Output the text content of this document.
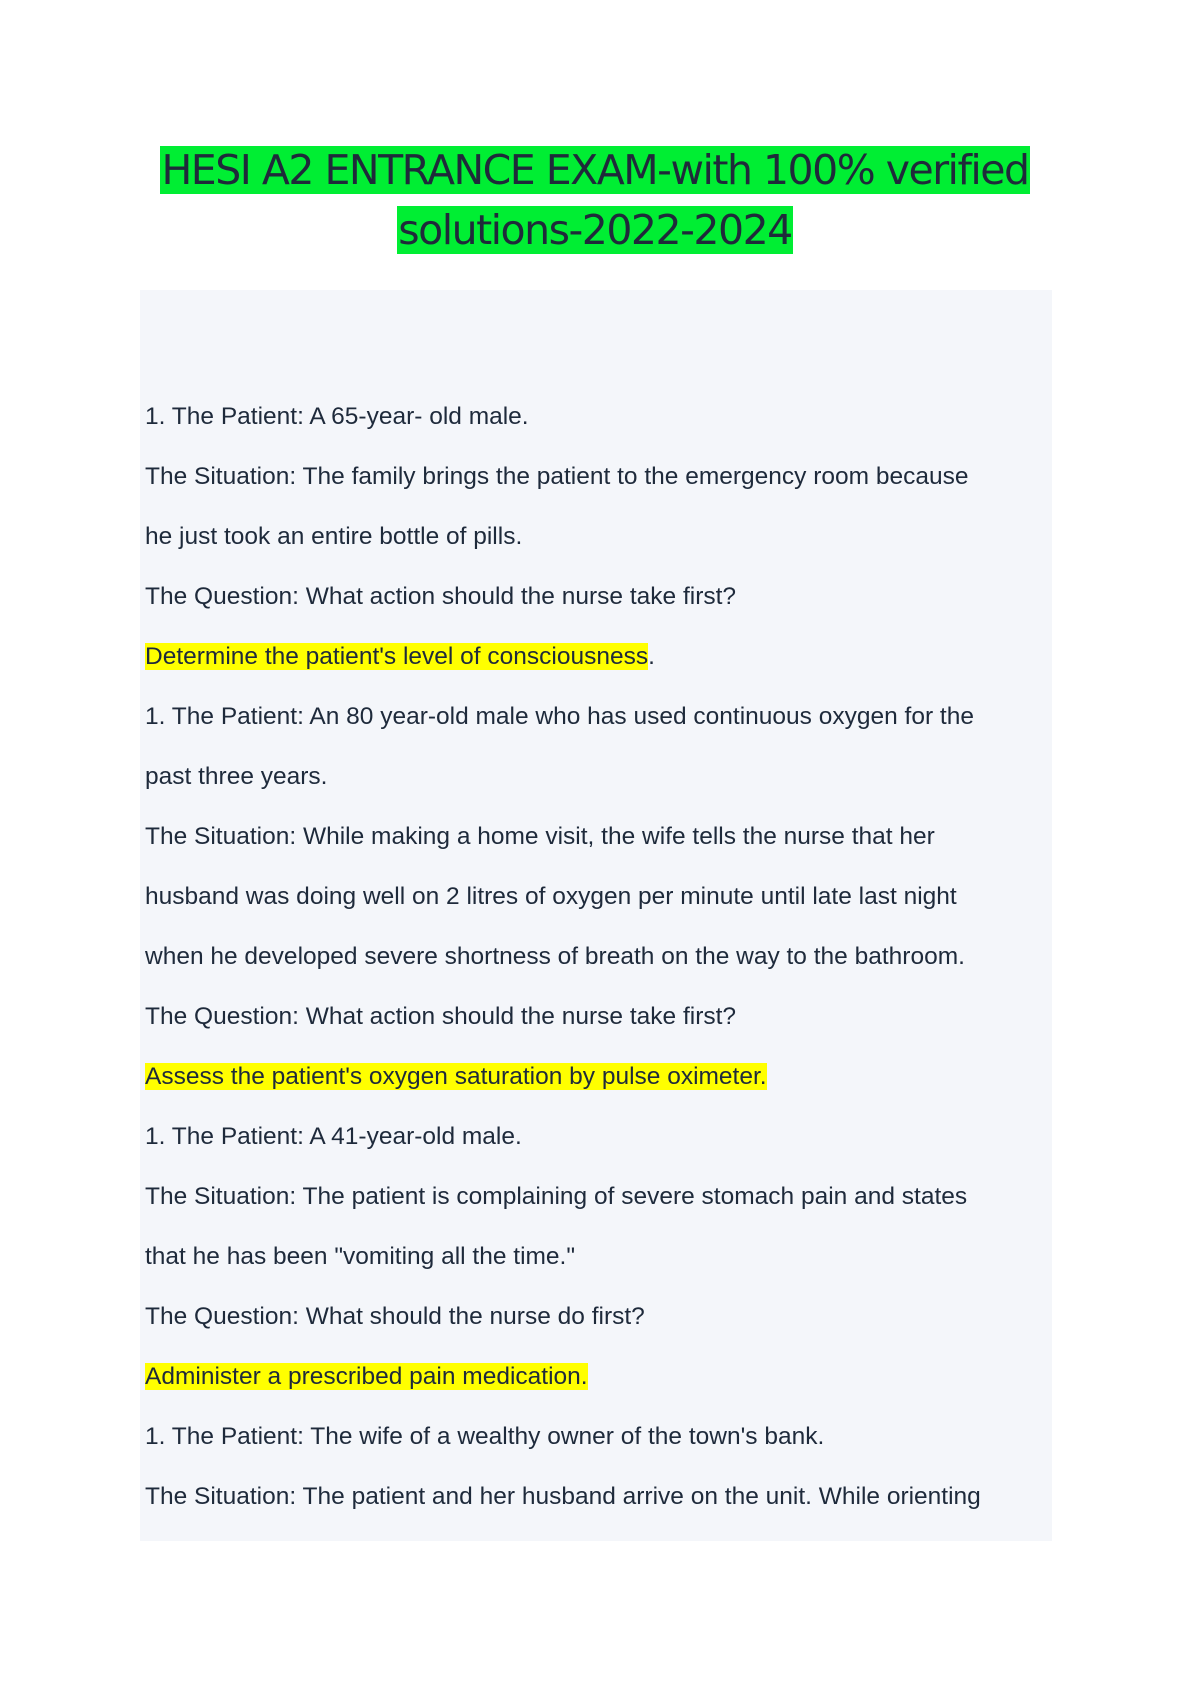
HESI A2 ENTRANCE EXAM-with 100% verified
solutions-2022-2024
1. The Patient: A 65-year- old male.
The Situation: The family brings the patient to the emergency room because
he just took an entire bottle of pills.
The Question: What action should the nurse take first?
Determine the patient's level of consciousness.
1. The Patient: An 80 year-old male who has used continuous oxygen for the
past three years.
The Situation: While making a home visit, the wife tells the nurse that her
husband was doing well on 2 litres of oxygen per minute until late last night
when he developed severe shortness of breath on the way to the bathroom.
The Question: What action should the nurse take first?
Assess the patient's oxygen saturation by pulse oximeter.
1. The Patient: A 41-year-old male.
The Situation: The patient is complaining of severe stomach pain and states
that he has been "vomiting all the time."
The Question: What should the nurse do first?
Administer a prescribed pain medication.
1. The Patient: The wife of a wealthy owner of the town's bank.
The Situation: The patient and her husband arrive on the unit. While orienting
